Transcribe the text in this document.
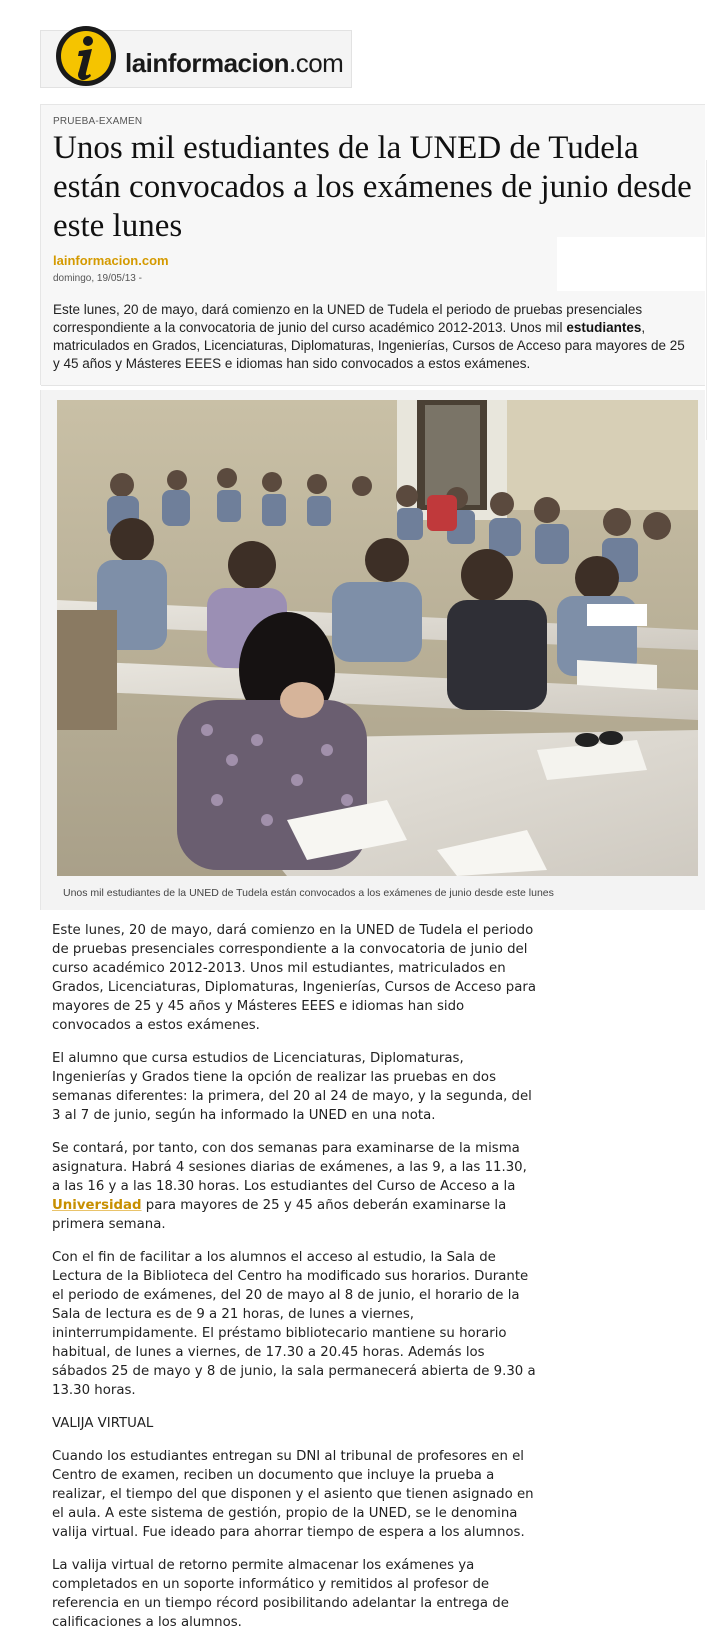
lainformacion.com
PRUEBA-EXAMEN
Unos mil estudiantes de la UNED de Tudela están convocados a los exámenes de junio desde este lunes
lainformacion.com
domingo, 19/05/13 -

Este lunes, 20 de mayo, dará comienzo en la UNED de Tudela el periodo de pruebas presenciales correspondiente a la convocatoria de junio del curso académico 2012-2013. Unos mil estudiantes, matriculados en Grados, Licenciaturas, Diplomaturas, Ingenierías, Cursos de Acceso para mayores de 25 y 45 años y Másteres EEES e idiomas han sido convocados a estos exámenes.

Unos mil estudiantes de la UNED de Tudela están convocados a los exámenes de junio desde este lunes

Este lunes, 20 de mayo, dará comienzo en la UNED de Tudela el periodo de pruebas presenciales correspondiente a la convocatoria de junio del curso académico 2012-2013. Unos mil estudiantes, matriculados en Grados, Licenciaturas, Diplomaturas, Ingenierías, Cursos de Acceso para mayores de 25 y 45 años y Másteres EEES e idiomas han sido convocados a estos exámenes.

El alumno que cursa estudios de Licenciaturas, Diplomaturas, Ingenierías y Grados tiene la opción de realizar las pruebas en dos semanas diferentes: la primera, del 20 al 24 de mayo, y la segunda, del 3 al 7 de junio, según ha informado la UNED en una nota.

Se contará, por tanto, con dos semanas para examinarse de la misma asignatura. Habrá 4 sesiones diarias de exámenes, a las 9, a las 11.30, a las 16 y a las 18.30 horas. Los estudiantes del Curso de Acceso a la Universidad para mayores de 25 y 45 años deberán examinarse la primera semana.

Con el fin de facilitar a los alumnos el acceso al estudio, la Sala de Lectura de la Biblioteca del Centro ha modificado sus horarios. Durante el periodo de exámenes, del 20 de mayo al 8 de junio, el horario de la Sala de lectura es de 9 a 21 horas, de lunes a viernes, ininterrumpidamente. El préstamo bibliotecario mantiene su horario habitual, de lunes a viernes, de 17.30 a 20.45 horas. Además los sábados 25 de mayo y 8 de junio, la sala permanecerá abierta de 9.30 a 13.30 horas.

VALIJA VIRTUAL

Cuando los estudiantes entregan su DNI al tribunal de profesores en el Centro de examen, reciben un documento que incluye la prueba a realizar, el tiempo del que disponen y el asiento que tienen asignado en el aula. A este sistema de gestión, propio de la UNED, se le denomina valija virtual. Fue ideado para ahorrar tiempo de espera a los alumnos.

La valija virtual de retorno permite almacenar los exámenes ya completados en un soporte informático y remitidos al profesor de referencia en un tiempo récord posibilitando adelantar la entrega de calificaciones a los alumnos.
